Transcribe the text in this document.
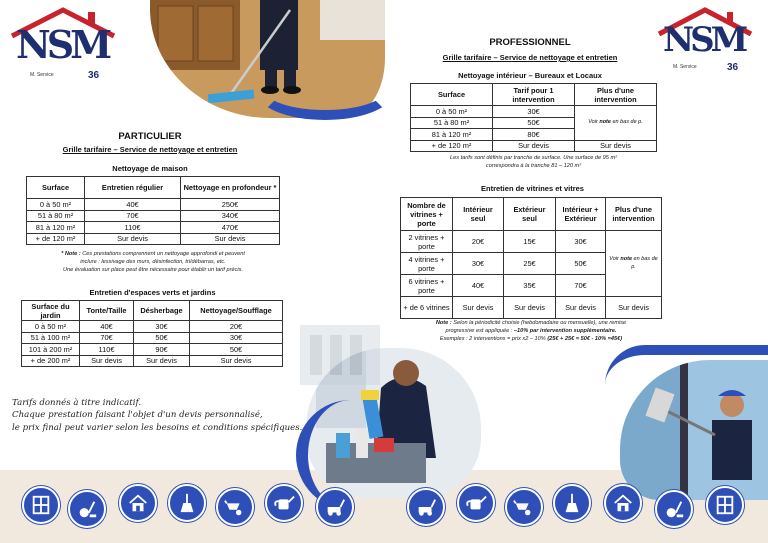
NSM
M. Service	36
NSM
M. Service	36
PARTICULIER
Grille tarifaire – Service de nettoyage et entretien
Nettoyage de maison
Surface	Entretien régulier	Nettoyage en profondeur *
0 à 50 m²	40€	250€
51 à 80 m²	70€	340€
81 à 120 m²	110€	470€
+ de 120 m²	Sur devis	Sur devis
* Note : Ces prestations comprennent un nettoyage approfondi et peuvent
inclure : lessivage des murs, désinfection, tri/débarras, etc.
Une évaluation sur place peut être nécessaire pour établir un tarif précis.
Entretien d'espaces verts et jardins
Surface du jardin	Tonte/Taille	Désherbage	Nettoyage/Soufflage
0 à 50 m²	40€	30€	20€
51 à 100 m²	70€	50€	30€
101 à 200 m²	110€	90€	50€
+ de 200 m²	Sur devis	Sur devis	Sur devis
Tarifs donnés à titre indicatif.
Chaque prestation faisant l'objet d'un devis personnalisé,
le prix final peut varier selon les besoins et conditions spécifiques.
PROFESSIONNEL
Grille tarifaire – Service de nettoyage et entretien
Nettoyage intérieur – Bureaux et Locaux
Surface	Tarif pour 1 intervention	Plus d'une intervention
0 à 50 m²	30€	Voir note en bas de p.
51 à 80 m²	50€	
81 à 120 m²	80€	
+ de 120 m²	Sur devis	Sur devis
Les tarifs sont définis par tranche de surface. Une surface de 95 m²
correspondra à la tranche 81 – 120 m²
Entretien de vitrines et vitres
Nombre de vitrines + porte	Intérieur seul	Extérieur seul	Intérieur + Extérieur	Plus d'une intervention
2 vitrines + porte	20€	15€	30€	Voir note en bas de p.
4 vitrines + porte	30€	25€	50€	
6 vitrines + porte	40€	35€	70€	
+ de 6 vitrines	Sur devis	Sur devis	Sur devis	Sur devis
Note : Selon la périodicité choisie (hebdomadaire ou mensuelle), une remise
progressive est appliquée : –10% par intervention supplémentaire.
Exemples : 2 interventions = prix x2 – 10% (25€ + 25€ = 50€ - 10% =45€)
